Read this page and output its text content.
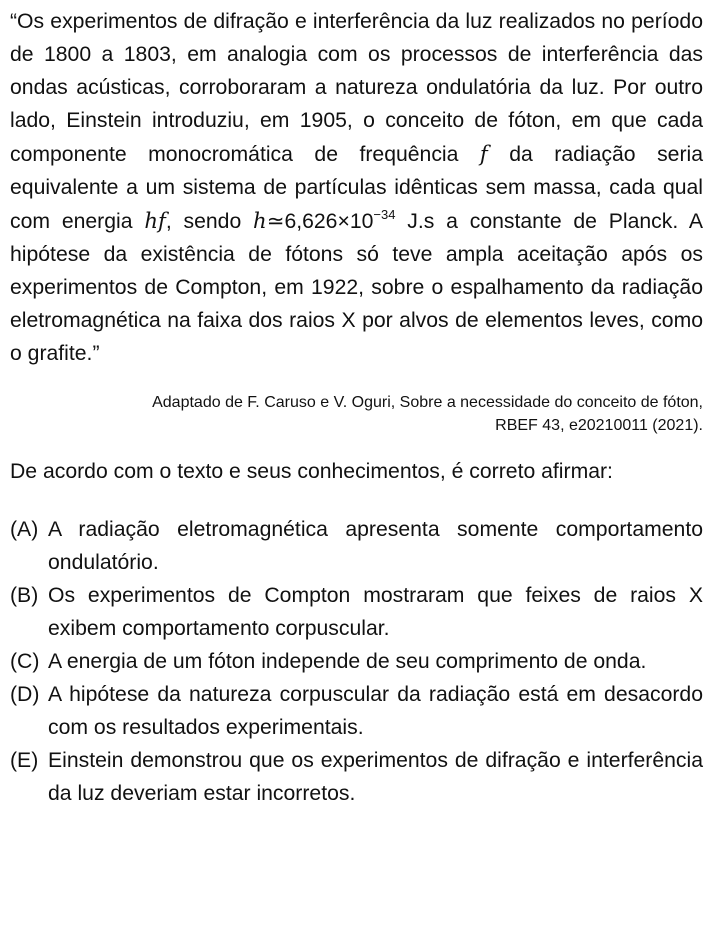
“Os experimentos de difração e interferência da luz realizados no período de 1800 a 1803, em analogia com os processos de interferência das ondas acústicas, corroboraram a natureza ondulatória da luz. Por outro lado, Einstein introduziu, em 1905, o conceito de fóton, em que cada componente monocromática de frequência f da radiação seria equivalente a um sistema de partículas idênticas sem massa, cada qual com energia hf, sendo $h≃6,626\times 10^{-34}$ J.s a constante de Planck. A hipótese da existência de fótons só teve ampla aceitação após os experimentos de Compton, em 1922, sobre o espalhamento da radiação eletromagnética na faixa dos raios X por alvos de elementos leves, como o grafite.”

Adaptado de F. Caruso e V. Oguri, Sobre a necessidade do conceito de fóton,
RBEF 43, e20210011 (2021).

De acordo com o texto e seus conhecimentos, é correto afirmar:

(A) A radiação eletromagnética apresenta somente comportamento ondulatório.
(B) Os experimentos de Compton mostraram que feixes de raios X exibem comportamento corpuscular.
(C) A energia de um fóton independe de seu comprimento de onda.
(D) A hipótese da natureza corpuscular da radiação está em desacordo com os resultados experimentais.
(E) Einstein demonstrou que os experimentos de difração e interferência da luz deveriam estar incorretos.
